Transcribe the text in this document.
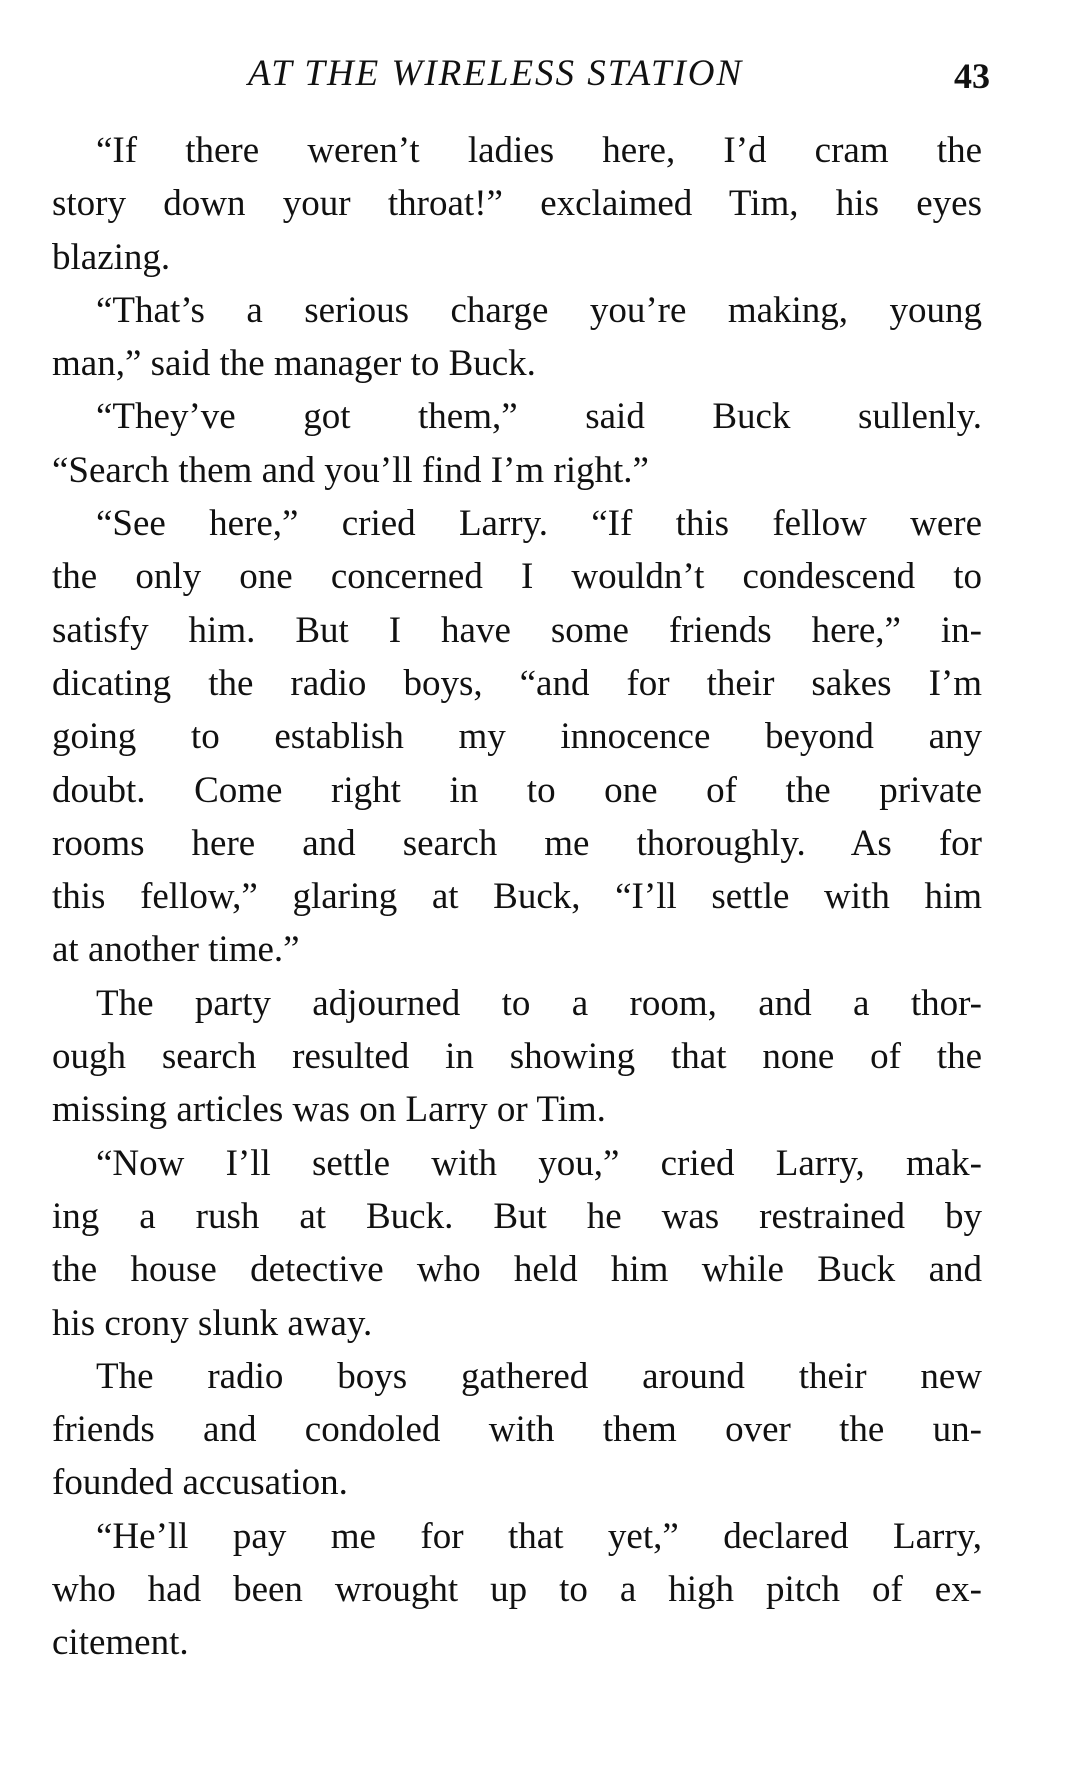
AT THE WIRELESS STATION	43
“If there weren’t ladies here, I’d cram the
story down your throat!” exclaimed Tim, his eyes
blazing.
“That’s a serious charge you’re making, young
man,” said the manager to Buck.
“They’ve got them,” said Buck sullenly.
“Search them and you’ll find I’m right.”
“See here,” cried Larry. “If this fellow were
the only one concerned I wouldn’t condescend to
satisfy him. But I have some friends here,” in-
dicating the radio boys, “and for their sakes I’m
going to establish my innocence beyond any
doubt. Come right in to one of the private
rooms here and search me thoroughly. As for
this fellow,” glaring at Buck, “I’ll settle with him
at another time.”
The party adjourned to a room, and a thor-
ough search resulted in showing that none of the
missing articles was on Larry or Tim.
“Now I’ll settle with you,” cried Larry, mak-
ing a rush at Buck. But he was restrained by
the house detective who held him while Buck and
his crony slunk away.
The radio boys gathered around their new
friends and condoled with them over the un-
founded accusation.
“He’ll pay me for that yet,” declared Larry,
who had been wrought up to a high pitch of ex-
citement.
